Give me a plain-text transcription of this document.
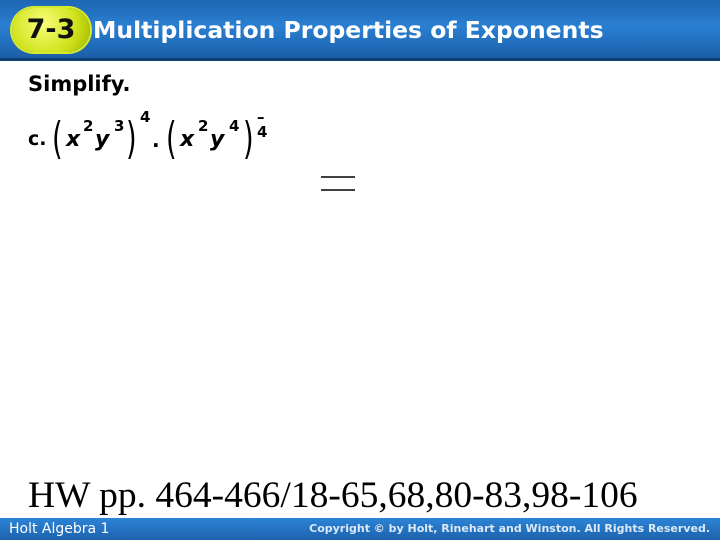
7-3 Multiplication Properties of Exponents
Simplify.
c. ( x
2
y
3 ) 4
· ( x
2
y
4 ) –4
HW pp. 464-466/18-65,68,80-83,98-106
Holt Algebra 1	Copyright © by Holt, Rinehart and Winston. All Rights Reserved.
